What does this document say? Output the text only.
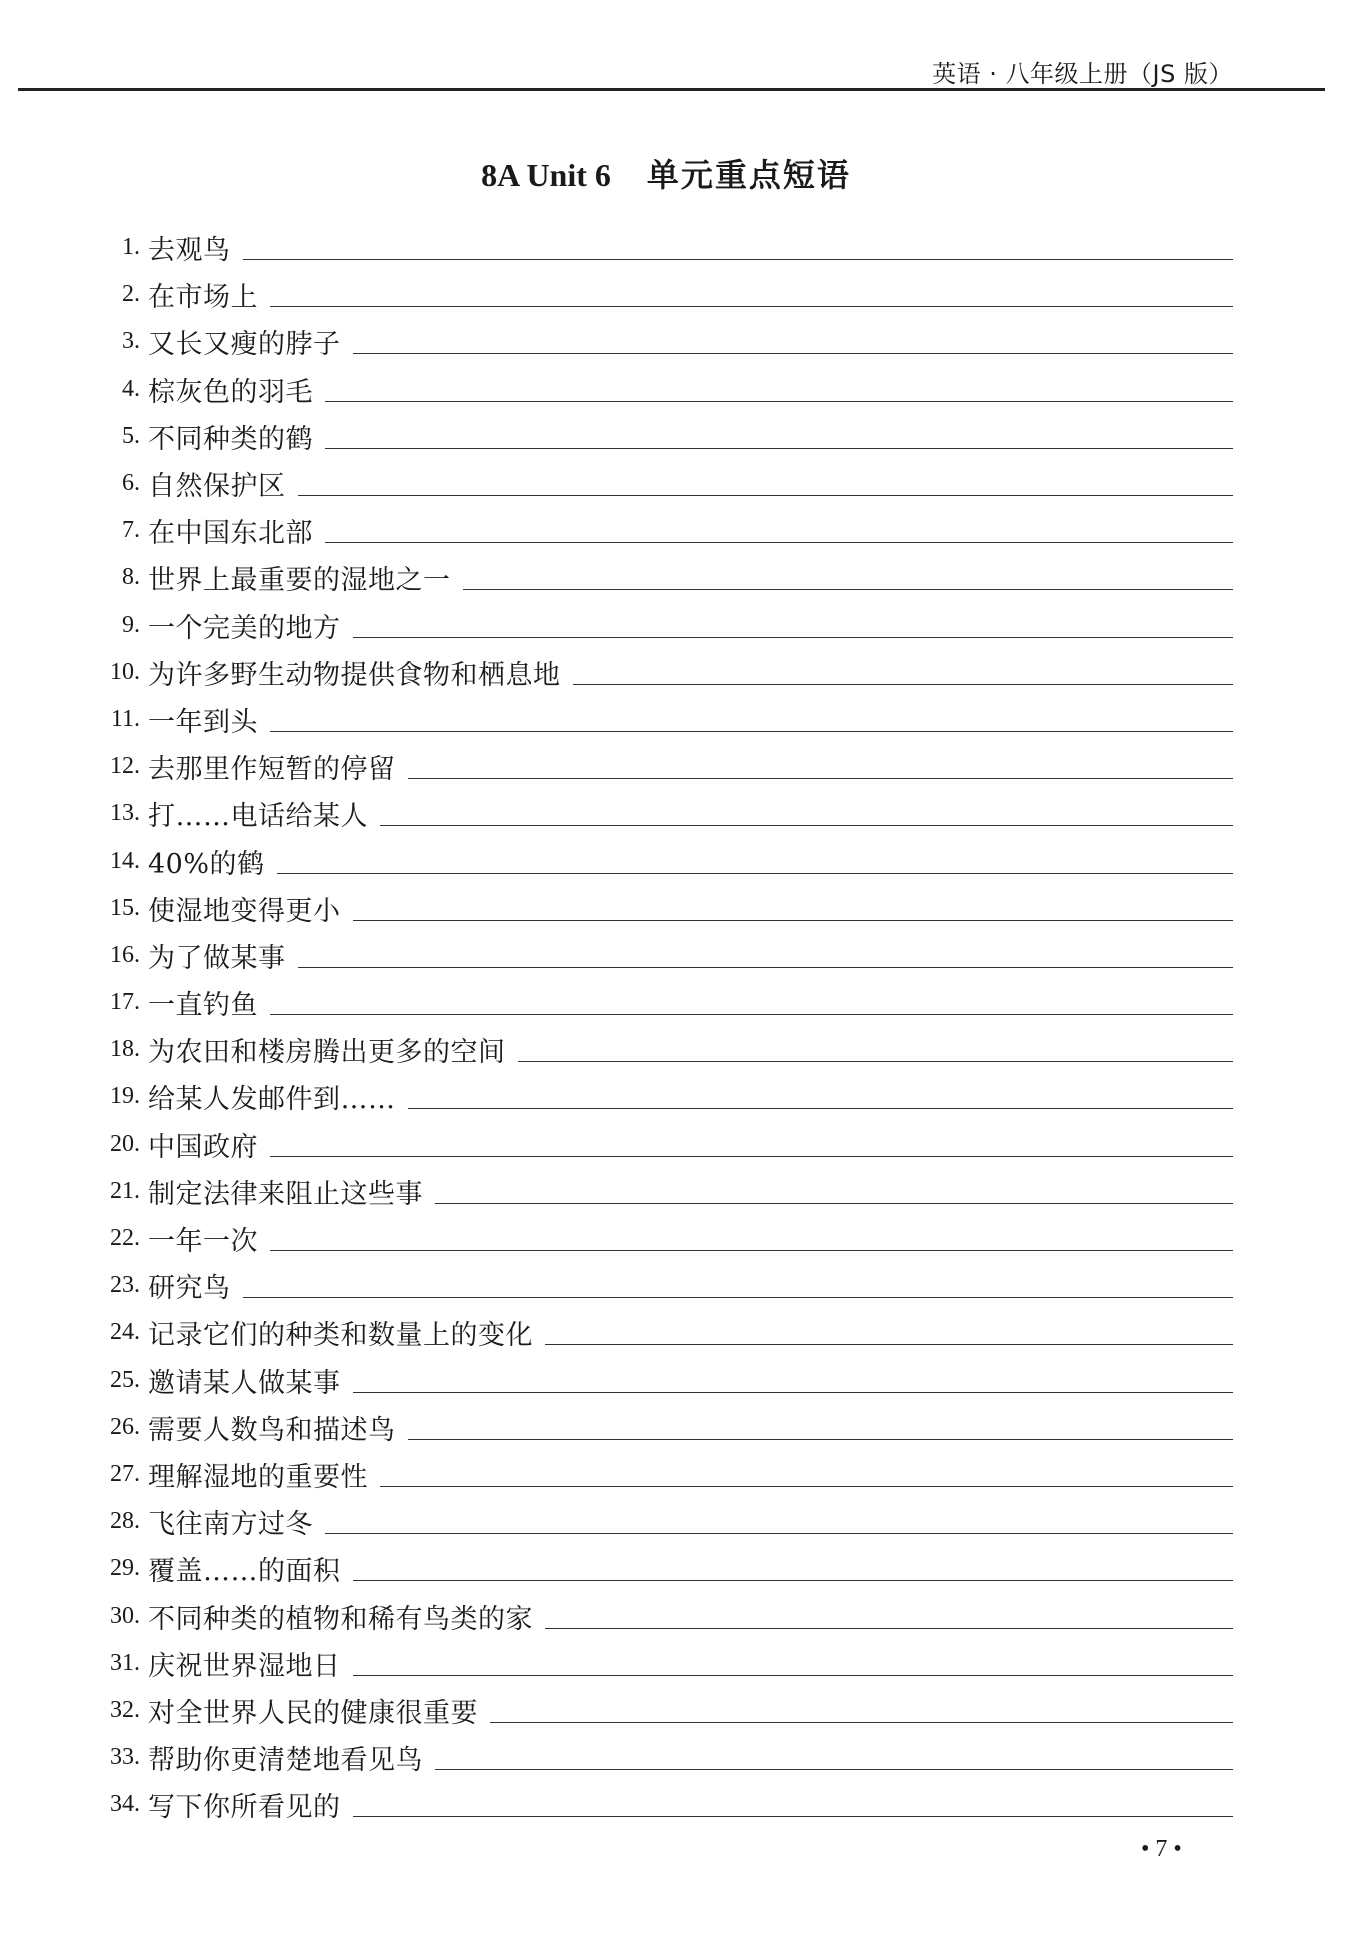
英语 · 八年级上册（JS 版）
8A Unit 6 单元重点短语
1. 去观鸟
2. 在市场上
3. 又长又瘦的脖子
4. 棕灰色的羽毛
5. 不同种类的鹤
6. 自然保护区
7. 在中国东北部
8. 世界上最重要的湿地之一
9. 一个完美的地方
10. 为许多野生动物提供食物和栖息地
11. 一年到头
12. 去那里作短暂的停留
13. 打……电话给某人
14. 40%的鹤
15. 使湿地变得更小
16. 为了做某事
17. 一直钓鱼
18. 为农田和楼房腾出更多的空间
19. 给某人发邮件到……
20. 中国政府
21. 制定法律来阻止这些事
22. 一年一次
23. 研究鸟
24. 记录它们的种类和数量上的变化
25. 邀请某人做某事
26. 需要人数鸟和描述鸟
27. 理解湿地的重要性
28. 飞往南方过冬
29. 覆盖……的面积
30. 不同种类的植物和稀有鸟类的家
31. 庆祝世界湿地日
32. 对全世界人民的健康很重要
33. 帮助你更清楚地看见鸟
34. 写下你所看见的
• 7 •
